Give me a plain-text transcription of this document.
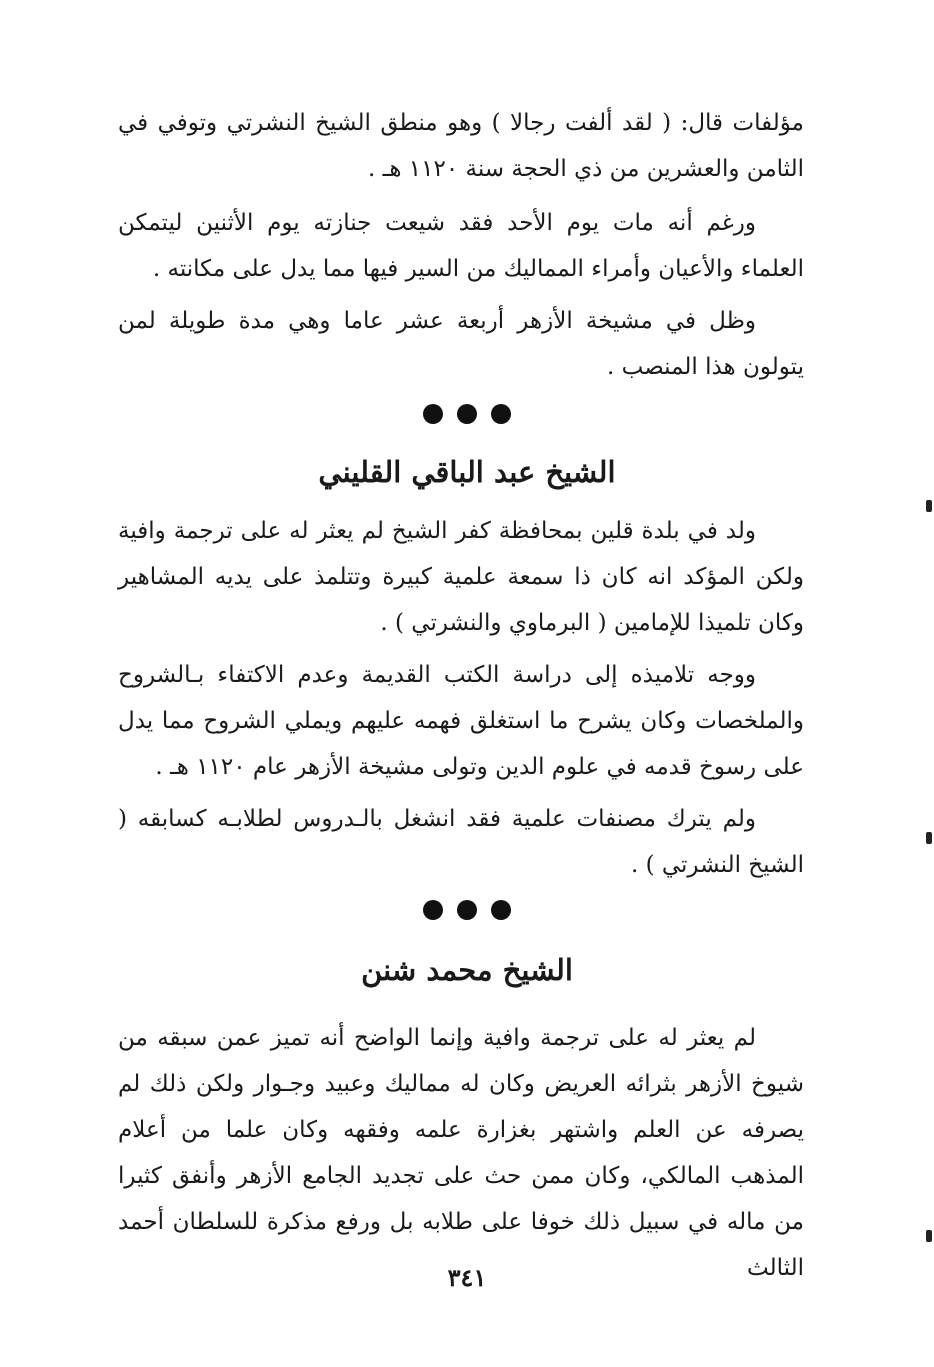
مؤلفات قال: ( لقد ألفت رجالا ) وهو منطق الشيخ النشرتي وتوفي في الثامن والعشرين من ذي الحجة سنة ١١٢٠ هـ .

ورغم أنه مات يوم الأحد فقد شيعت جنازته يوم الأثنين ليتمكن العلماء والأعيان وأمراء المماليك من السير فيها مما يدل على مكانته .

وظل في مشيخة الأزهر أربعة عشر عاما وهي مدة طويلة لمن يتولون هذا المنصب .

الشيخ عبد الباقي القليني

ولد في بلدة قلين بمحافظة كفر الشيخ لم يعثر له على ترجمة وافية ولكن المؤكد انه كان ذا سمعة علمية كبيرة وتتلمذ على يديه المشاهير وكان تلميذا للإمامين ( البرماوي والنشرتي ) .

ووجه تلاميذه إلى دراسة الكتب القديمة وعدم الاكتفاء بـالشروح والملخصات وكان يشرح ما استغلق فهمه عليهم ويملي الشروح مما يدل على رسوخ قدمه في علوم الدين وتولى مشيخة الأزهر عام ١١٢٠ هـ .

ولم يترك مصنفات علمية فقد انشغل بالـدروس لطلابـه كسابقه ( الشيخ النشرتي ) .

الشيخ محمد شنن

لم يعثر له على ترجمة وافية وإنما الواضح أنه تميز عمن سبقه من شيوخ الأزهر بثرائه العريض وكان له مماليك وعبيد وجـوار ولكن ذلك لم يصرفه عن العلم واشتهر بغزارة علمه وفقهه وكان علما من أعلام المذهب المالكي، وكان ممن حث على تجديد الجامع الأزهر وأنفق كثيرا من ماله في سبيل ذلك خوفا على طلابه بل ورفع مذكرة للسلطان أحمد الثالث

٣٤١
